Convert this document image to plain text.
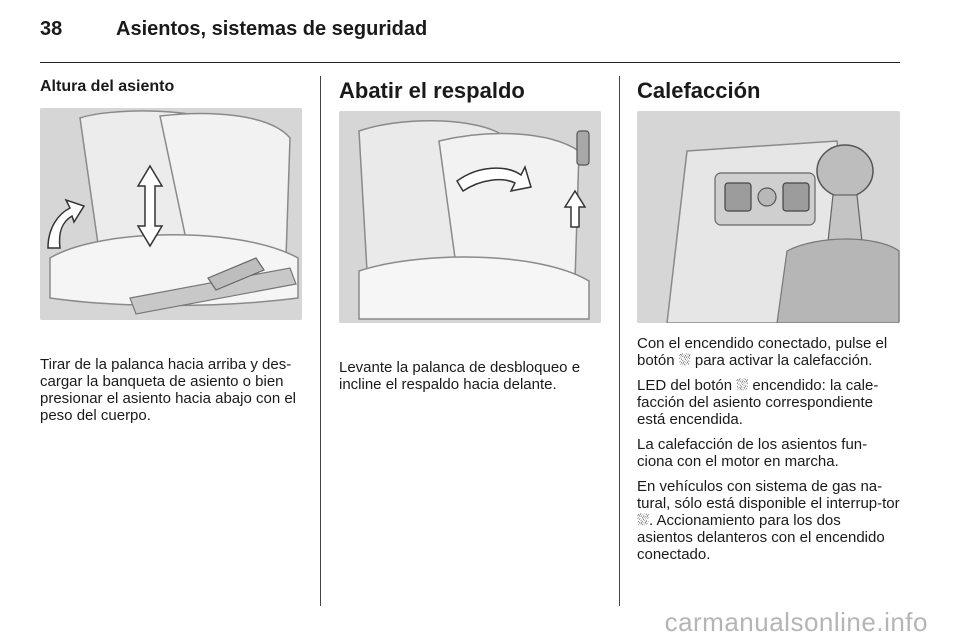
38	Asientos, sistemas de seguridad
Altura del asiento

Tirar de la palanca hacia arriba y des-cargar la banqueta de asiento o bien presionar el asiento hacia abajo con el peso del cuerpo.

Abatir el respaldo

Levante la palanca de desbloqueo e incline el respaldo hacia delante.

Calefacción

Con el encendido conectado, pulse el botón ⛆ para activar la calefacción.

LED del botón ⛆ encendido: la cale-facción del asiento correspondiente está encendida.

La calefacción de los asientos fun-ciona con el motor en marcha.

En vehículos con sistema de gas na-tural, sólo está disponible el interrup-tor ⛆. Accionamiento para los dos asientos delanteros con el encendido conectado.

carmanualsonline.info
